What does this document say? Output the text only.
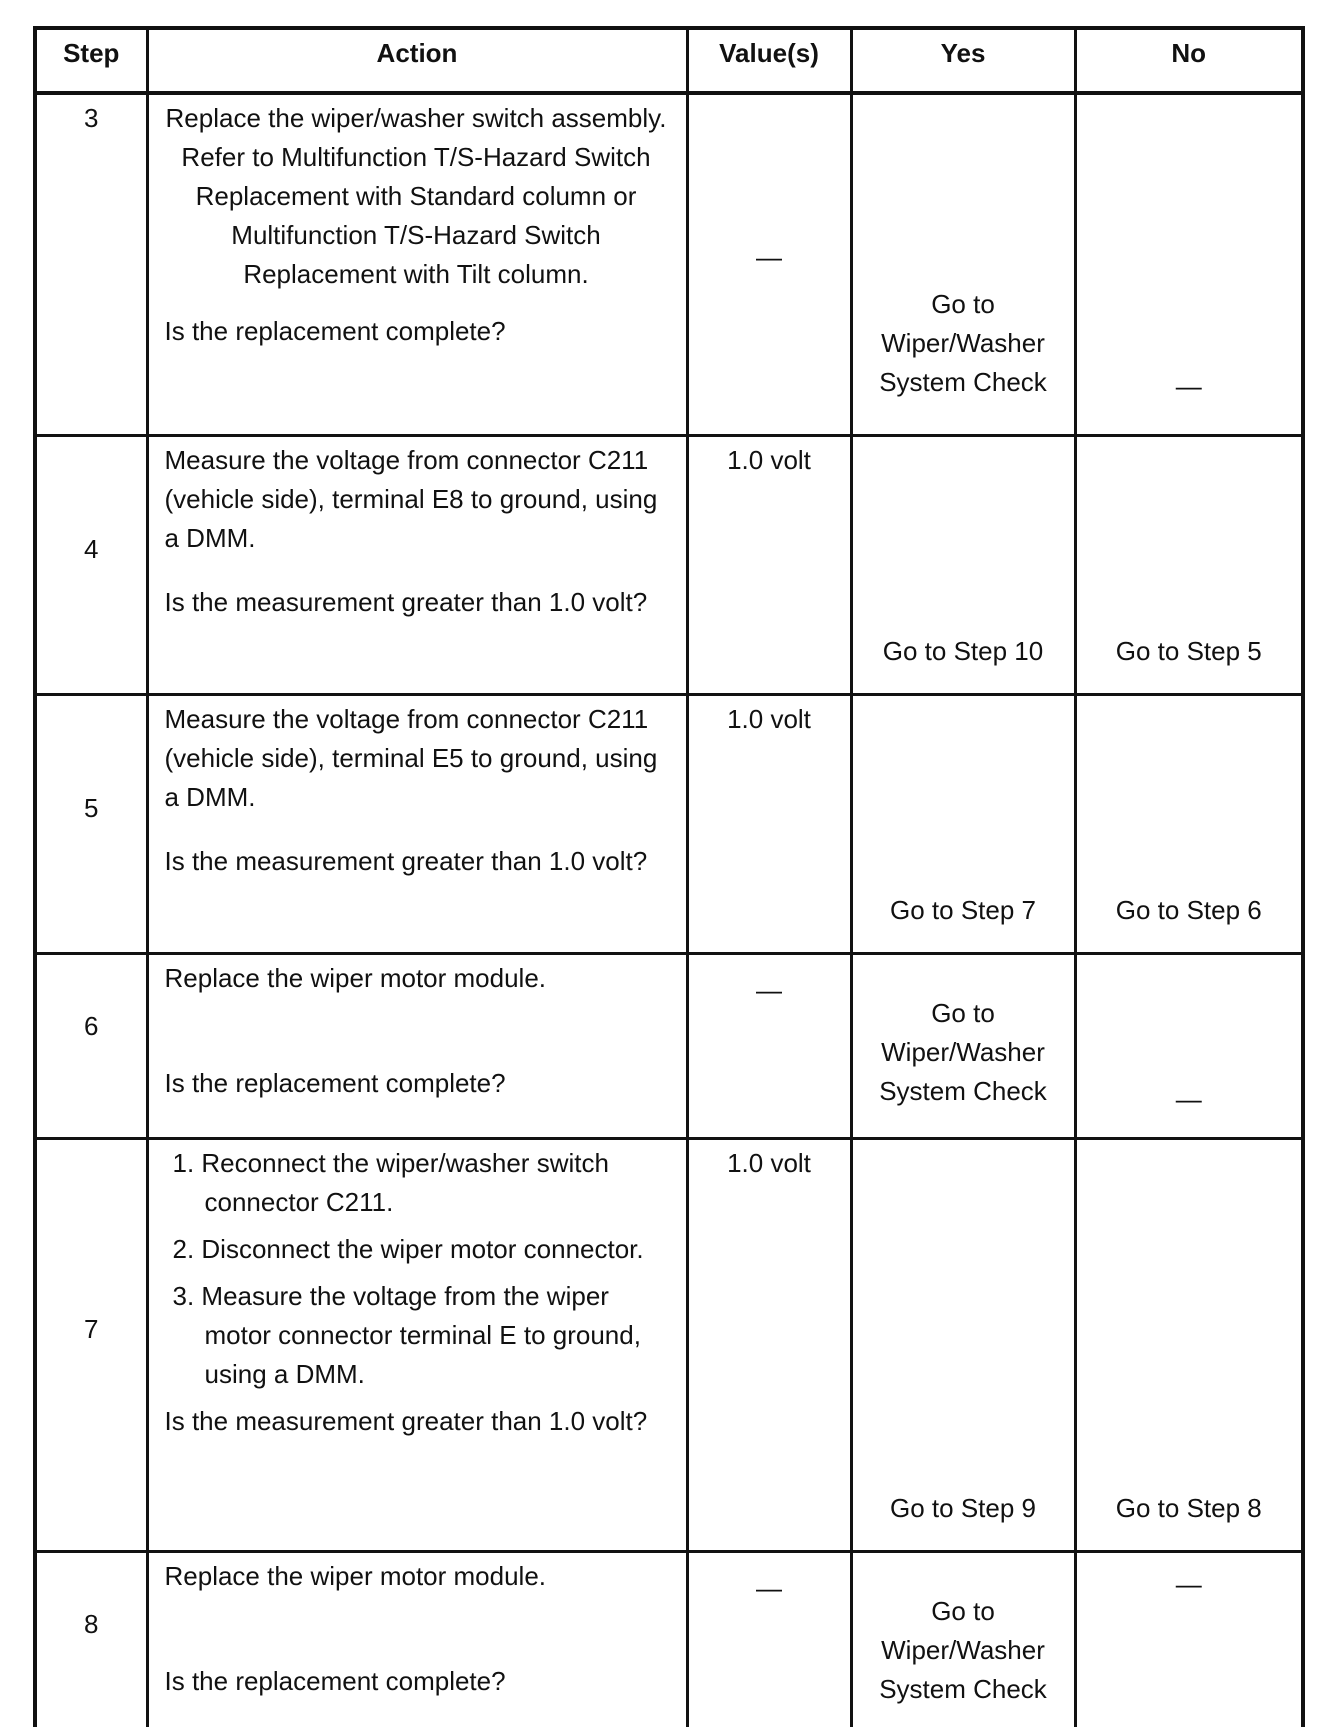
Step	Action	Value(s)	Yes	No

3	Replace the wiper/washer switch assembly. Refer to Multifunction T/S-Hazard Switch Replacement with Standard column or Multifunction T/S-Hazard Switch Replacement with Tilt column.
Is the replacement complete?	—	Go to Wiper/Washer System Check	—

4	Measure the voltage from connector C211 (vehicle side), terminal E8 to ground, using a DMM.
Is the measurement greater than 1.0 volt?	1.0 volt	Go to Step 10	Go to Step 5

5	Measure the voltage from connector C211 (vehicle side), terminal E5 to ground, using a DMM.
Is the measurement greater than 1.0 volt?	1.0 volt	Go to Step 7	Go to Step 6

6	Replace the wiper motor module.
Is the replacement complete?	—	Go to Wiper/Washer System Check	—

7	1. Reconnect the wiper/washer switch connector C211.
2. Disconnect the wiper motor connector.
3. Measure the voltage from the wiper motor connector terminal E to ground, using a DMM.
Is the measurement greater than 1.0 volt?	1.0 volt	Go to Step 9	Go to Step 8

8	Replace the wiper motor module.
Is the replacement complete?	—	Go to Wiper/Washer System Check	—
